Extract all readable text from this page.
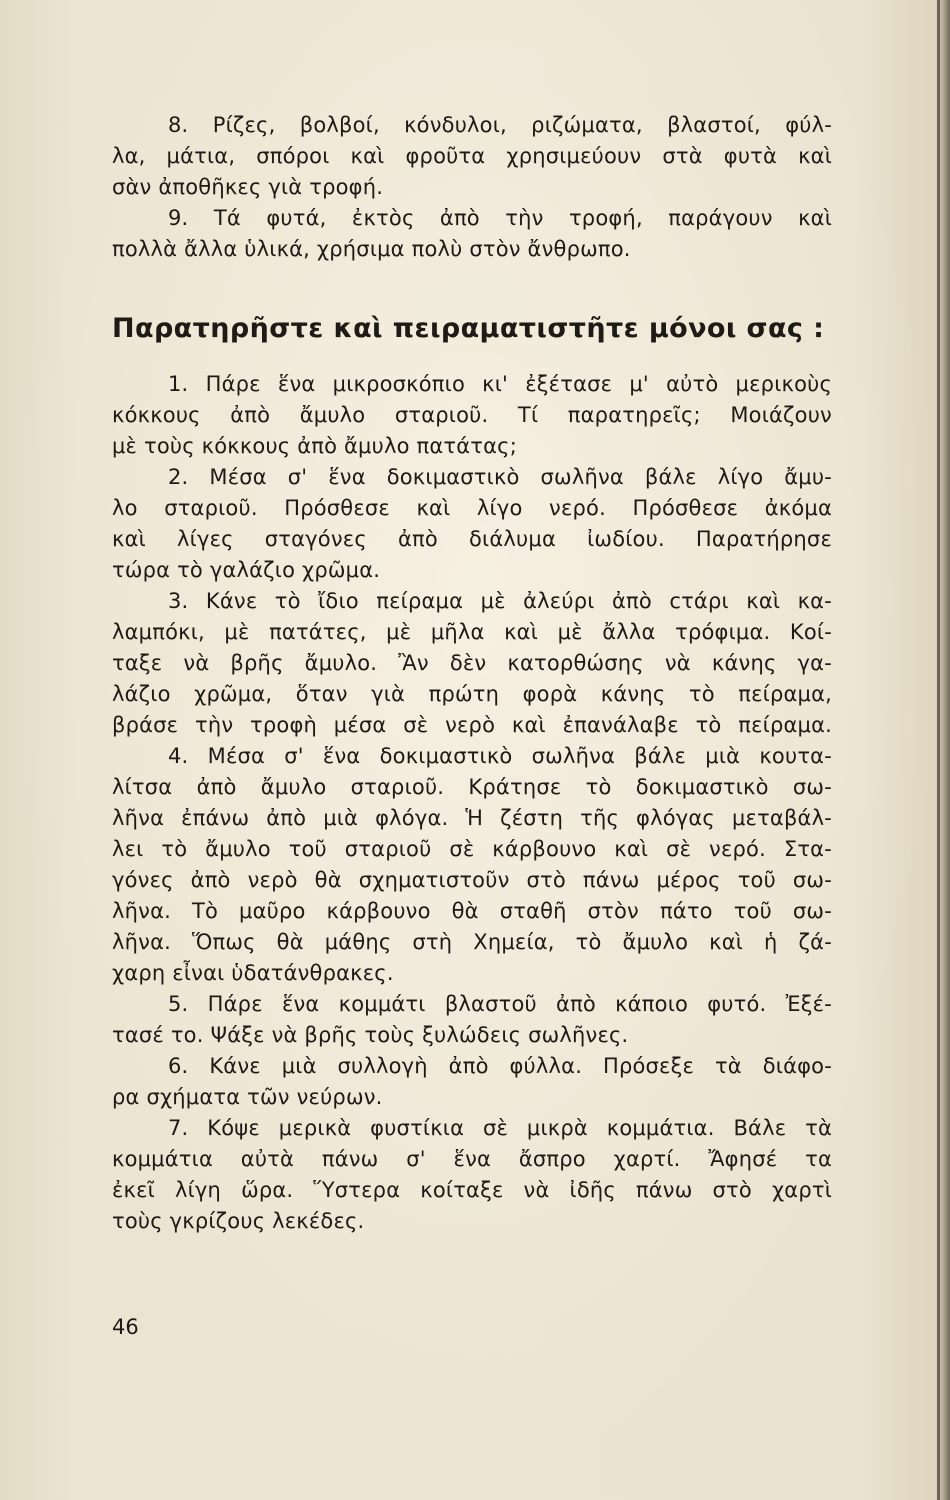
8. Ρίζες, βολβοί, κόνδυλοι, ριζώματα, βλαστοί, φύλ-
λα, μάτια, σπόροι καὶ φροῦτα χρησιμεύουν στὰ φυτὰ καὶ
σὰν ἀποθῆκες γιὰ τροφή.
9. Τά φυτά, ἐκτὸς ἀπὸ τὴν τροφή, παράγουν καὶ
πολλὰ ἄλλα ὑλικά, χρήσιμα πολὺ στὸν ἄνθρωπο.
Παρατηρῆστε καὶ πειραματιστῆτε μόνοι σας :
1. Πάρε ἕνα μικροσκόπιο κι' ἐξέτασε μ' αὐτὸ μερικοὺς
κόκκους ἀπὸ ἄμυλο σταριοῦ. Τί παρατηρεῖς; Μοιάζουν
μὲ τοὺς κόκκους ἀπὸ ἄμυλο πατάτας;
2. Μέσα σ' ἕνα δοκιμαστικὸ σωλῆνα βάλε λίγο ἄμυ-
λο σταριοῦ. Πρόσθεσε καὶ λίγο νερό. Πρόσθεσε ἀκόμα
καὶ λίγες σταγόνες ἀπὸ διάλυμα ἰωδίου. Παρατήρησε
τώρα τὸ γαλάζιο χρῶμα.
3. Κάνε τὸ ἴδιο πείραμα μὲ ἀλεύρι ἀπὸ ϲτάρι καὶ κα-
λαμπόκι, μὲ πατάτες, μὲ μῆλα καὶ μὲ ἄλλα τρόφιμα. Κοί-
ταξε νὰ βρῆς ἄμυλο. Ἂν δὲν κατορθώσης νὰ κάνης γα-
λάζιο χρῶμα, ὅταν γιὰ πρώτη φορὰ κάνης τὸ πείραμα,
βράσε τὴν τροφὴ μέσα σὲ νερὸ καὶ ἐπανάλαβε τὸ πείραμα.
4. Μέσα σ' ἕνα δοκιμαστικὸ σωλῆνα βάλε μιὰ κουτα-
λίτσα ἀπὸ ἄμυλο σταριοῦ. Κράτησε τὸ δοκιμαστικὸ σω-
λῆνα ἐπάνω ἀπὸ μιὰ φλόγα. Ἡ ζέστη τῆς φλόγας μεταβάλ-
λει τὸ ἄμυλο τοῦ σταριοῦ σὲ κάρβουνο καὶ σὲ νερό. Στα-
γόνες ἀπὸ νερὸ θὰ σχηματιστοῦν στὸ πάνω μέρος τοῦ σω-
λῆνα. Τὸ μαῦρο κάρβουνο θὰ σταθῆ στὸν πάτο τοῦ σω-
λῆνα. Ὅπως θὰ μάθης στὴ Χημεία, τὸ ἄμυλο καὶ ἡ ζά-
χαρη εἶναι ὑδατάνθρακες.
5. Πάρε ἕνα κομμάτι βλαστοῦ ἀπὸ κάποιο φυτό. Ἐξέ-
τασέ το. Ψάξε νὰ βρῆς τοὺς ξυλώδεις σωλῆνες.
6. Κάνε μιὰ συλλογὴ ἀπὸ φύλλα. Πρόσεξε τὰ διάφο-
ρα σχήματα τῶν νεύρων.
7. Κόψε μερικὰ φυστίκια σὲ μικρὰ κομμάτια. Βάλε τὰ
κομμάτια αὐτὰ πάνω σ' ἕνα ἄσπρο χαρτί. Ἄφησέ τα
ἐκεῖ λίγη ὥρα. Ὕστερα κοίταξε νὰ ἰδῆς πάνω στὸ χαρτὶ
τοὺς γκρίζους λεκέδες.
46
